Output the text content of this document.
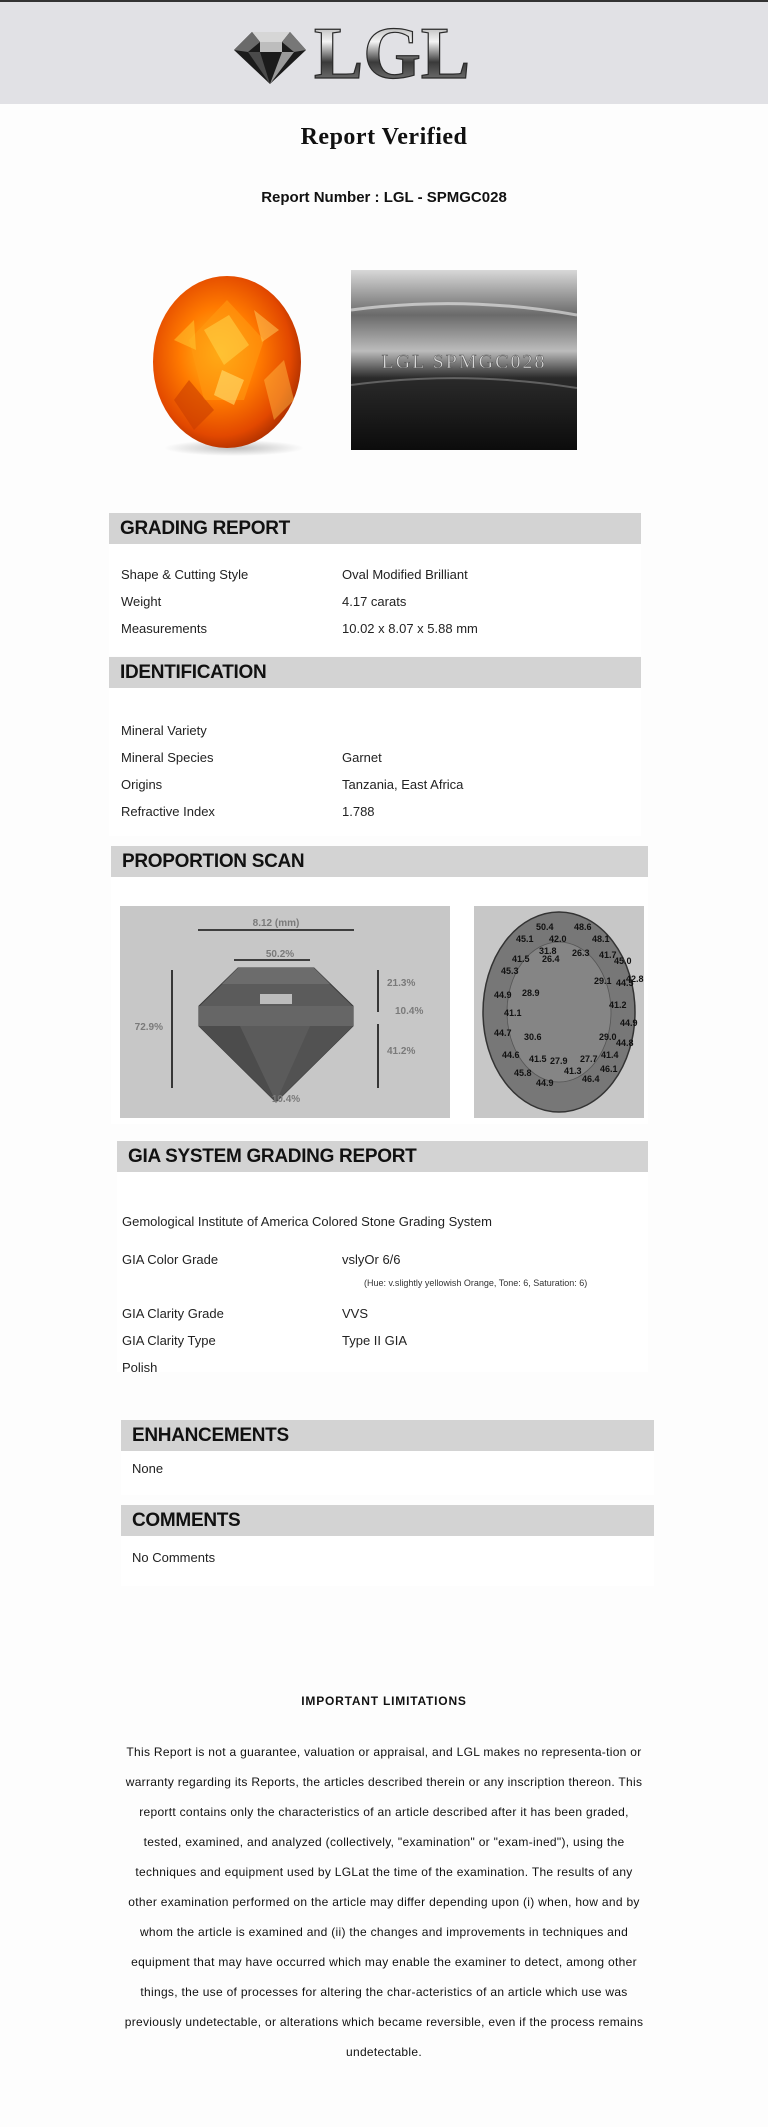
LGL
Report Verified
Report Number : LGL - SPMGC028
LGL SPMGC028
GRADING REPORT
Shape & Cutting Style	Oval Modified Brilliant
Weight	4.17 carats
Measurements	10.02 x 8.07 x 5.88 mm
IDENTIFICATION
Mineral Variety
Mineral Species	Garnet
Origins	Tanzania, East Africa
Refractive Index	1.788
PROPORTION SCAN
8.12 (mm)
50.2%
72.9%
21.3%
10.4%
41.2%
10.4%
50.4 48.6
45.1 42.0	48.1
31.8 26.3 41.7
41.5 26.4	45.0
45.3
29.1 44.5
42.8
44.9 28.9
41.2
41.1
44.9
44.7 30.6	29.0
44.8
44.6 41.5 27.9 27.7 41.4
45.8	41.3 46.1
44.9	46.4
GIA SYSTEM GRADING REPORT
Gemological Institute of America Colored Stone Grading System
GIA Color Grade	vslyOr 6/6
(Hue: v.slightly yellowish Orange, Tone: 6, Saturation: 6)
GIA Clarity Grade	VVS
GIA Clarity Type	Type II GIA
Polish
ENHANCEMENTS
None
COMMENTS
No Comments
IMPORTANT LIMITATIONS
This Report is not a guarantee, valuation or appraisal, and LGL makes no representa-tion or warranty regarding its Reports, the articles described therein or any inscription thereon. This reportt contains only the characteristics of an article described after it has been graded, tested, examined, and analyzed (collectively, "examination" or "exam-ined"), using the techniques and equipment used by LGLat the time of the examination. The results of any other examination performed on the article may differ depending upon (i) when, how and by whom the article is examined and (ii) the changes and improvements in techniques and equipment that may have occurred which may enable the examiner to detect, among other things, the use of processes for altering the char-acteristics of an article which use was previously undetectable, or alterations which became reversible, even if the process remains undetectable.
